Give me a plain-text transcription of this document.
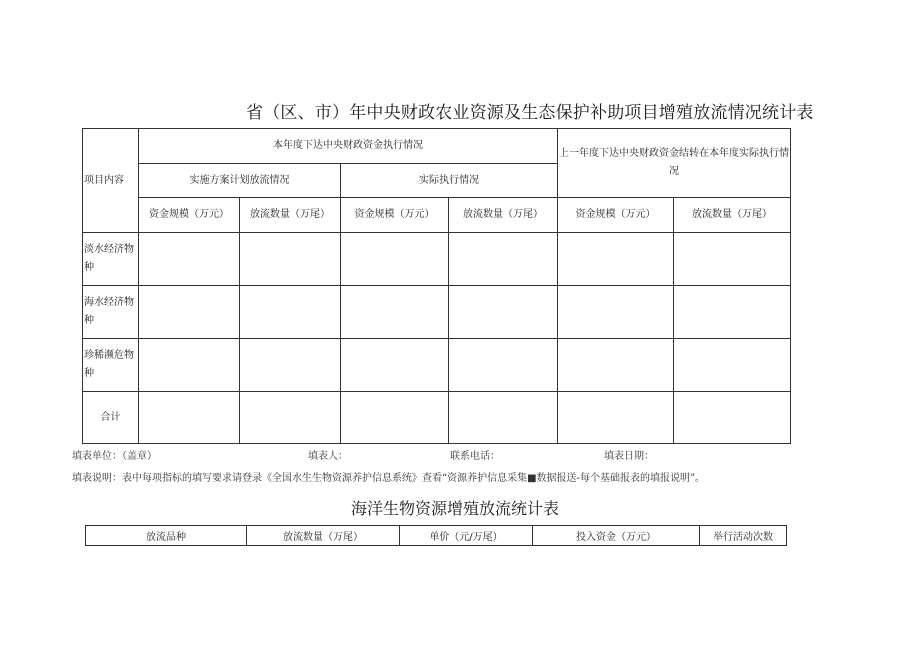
省（区、市）年中央财政农业资源及生态保护补助项目增殖放流情况统计表
项目内容	本年度下达中央财政资金执行情况				上一年度下达中央财政资金结转在本年度实际执行情况	
	实施方案计划放流情况		实际执行情况			
	资金规模（万元）	放流数量（万尾）	资金规模（万元）	放流数量（万尾）	资金规模（万元）	放流数量（万尾）
淡水经济物种						
海水经济物种						
珍稀濒危物种						
合计						
填表单位：（盖章）	填表人：	联系电话：	填表日期：
填表说明：表中每项指标的填写要求请登录《全国水生生物资源养护信息系统》查看“资源养护信息采集■数据报送-每个基础报表的填报说明”。
海洋生物资源增殖放流统计表
放流品种	放流数量（万尾）	单价（元/万尾）	投入资金（万元）	举行活动次数
